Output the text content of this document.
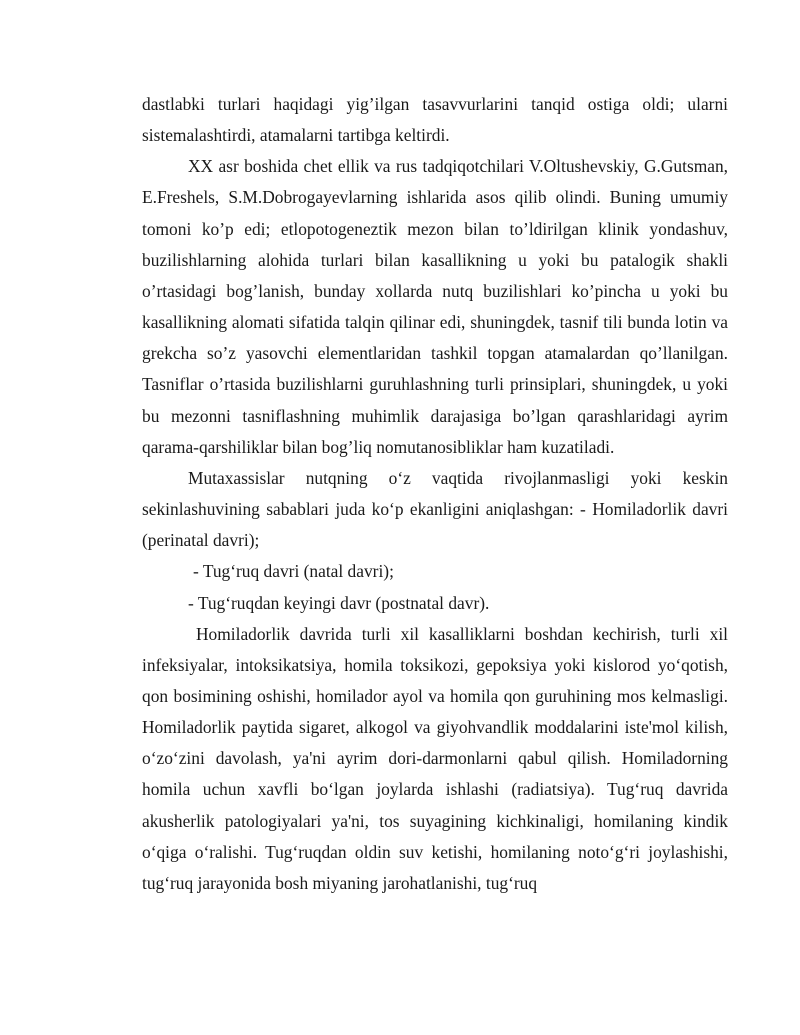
dastlabki turlari haqidagi yig’ilgan tasavvurlarini tanqid ostiga oldi; ularni sistemalashtirdi, atamalarni tartibga keltirdi.

XX asr boshida chet ellik va rus tadqiqotchilari V.Oltushevskiy, G.Gutsman, E.Freshels, S.M.Dobrogayevlarning ishlarida asos qilib olindi. Buning umumiy tomoni ko’p edi; etlopotogeneztik mezon bilan to’ldirilgan klinik yondashuv, buzilishlarning alohida turlari bilan kasallikning u yoki bu patalogik shakli o’rtasidagi bog’lanish, bunday xollarda nutq buzilishlari ko’pincha u yoki bu kasallikning alomati sifatida talqin qilinar edi, shuningdek, tasnif tili bunda lotin va grekcha so’z yasovchi elementlaridan tashkil topgan atamalardan qo’llanilgan. Tasniflar o’rtasida buzilishlarni guruhlashning turli prinsiplari, shuningdek, u yoki bu mezonni tasniflashning muhimlik darajasiga bo’lgan qarashlaridagi ayrim qarama-qarshiliklar bilan bog’liq nomutanosibliklar ham kuzatiladi.

Mutaxassislar nutqning o‘z vaqtida rivojlanmasligi yoki keskin sekinlashuvining sabablari juda ko‘p ekanligini aniqlashgan: - Homiladorlik davri (perinatal davri);

- Tug‘ruq davri (natal davri);

- Tug‘ruqdan keyingi davr (postnatal davr).

Homiladorlik davrida turli xil kasalliklarni boshdan kechirish, turli xil infeksiyalar, intoksikatsiya, homila toksikozi, gepoksiya yoki kislorod yo‘qotish, qon bosimining oshishi, homilador ayol va homila qon guruhining mos kelmasligi. Homiladorlik paytida sigaret, alkogol va giyohvandlik moddalarini iste'mol kilish, o‘zo‘zini davolash, ya'ni ayrim dori-darmonlarni qabul qilish. Homiladorning homila uchun xavfli bo‘lgan joylarda ishlashi (radiatsiya). Tug‘ruq davrida akusherlik patologiyalari ya'ni, tos suyagining kichkinaligi, homilaning kindik o‘qiga o‘ralishi. Tug‘ruqdan oldin suv ketishi, homilaning noto‘g‘ri joylashishi, tug‘ruq jarayonida bosh miyaning jarohatlanishi, tug‘ruq
